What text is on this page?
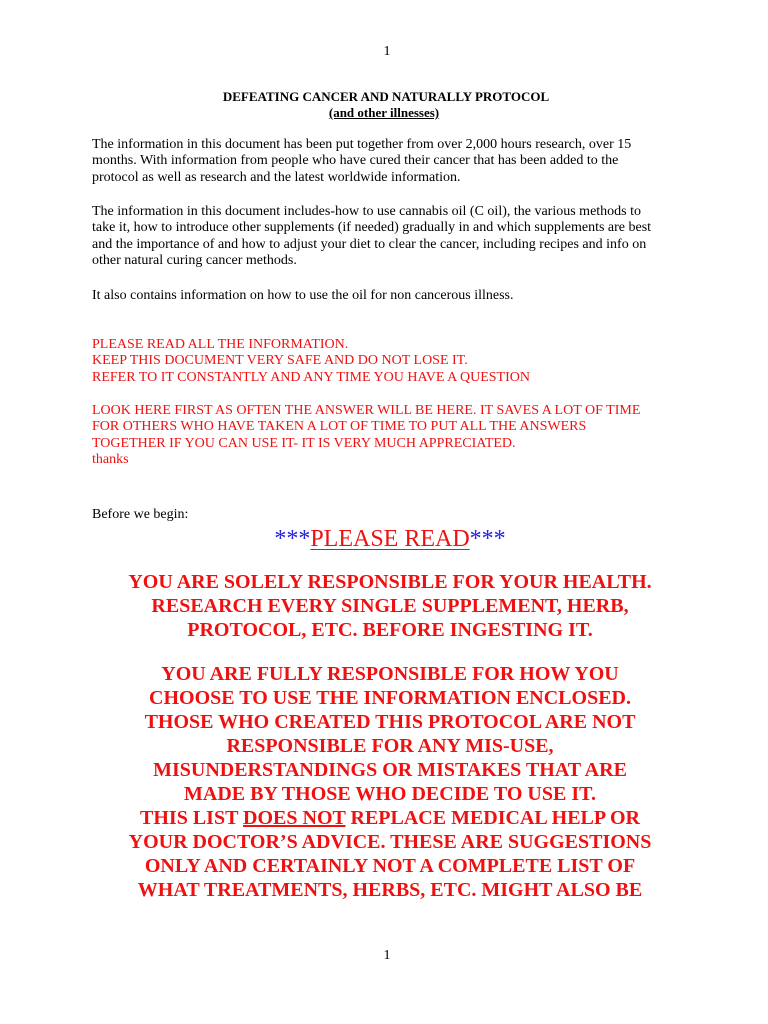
1
DEFEATING CANCER AND NATURALLY PROTOCOL
(and other illnesses)
The information in this document has been put together from over 2,000 hours research, over 15 months. With information from people who have cured their cancer that has been added to the protocol as well as research and the latest worldwide information.
The information in this document includes-how to use cannabis oil (C oil), the various methods to take it, how to introduce other supplements (if needed) gradually in and which supplements are best and the importance of and how to adjust your diet to clear the cancer, including recipes and info on other natural curing cancer methods.
It also contains information on how to use the oil for non cancerous illness.
PLEASE READ ALL THE INFORMATION.
KEEP THIS DOCUMENT VERY SAFE AND DO NOT LOSE IT.
REFER TO IT CONSTANTLY AND ANY TIME YOU HAVE A QUESTION
LOOK HERE FIRST AS OFTEN THE ANSWER WILL BE HERE. IT SAVES A LOT OF TIME FOR OTHERS WHO HAVE TAKEN A LOT OF TIME TO PUT ALL THE ANSWERS TOGETHER IF YOU CAN USE IT- IT IS VERY MUCH APPRECIATED.
thanks
Before we begin:
***PLEASE READ***
YOU ARE SOLELY RESPONSIBLE FOR YOUR HEALTH.
RESEARCH EVERY SINGLE SUPPLEMENT, HERB,
PROTOCOL, ETC. BEFORE INGESTING IT.
YOU ARE FULLY RESPONSIBLE FOR HOW YOU
CHOOSE TO USE THE INFORMATION ENCLOSED.
THOSE WHO CREATED THIS PROTOCOL ARE NOT
RESPONSIBLE FOR ANY MIS-USE,
MISUNDERSTANDINGS OR MISTAKES THAT ARE
MADE BY THOSE WHO DECIDE TO USE IT.
THIS LIST DOES NOT REPLACE MEDICAL HELP OR
YOUR DOCTOR’S ADVICE. THESE ARE SUGGESTIONS
ONLY AND CERTAINLY NOT A COMPLETE LIST OF
WHAT TREATMENTS, HERBS, ETC. MIGHT ALSO BE
1
